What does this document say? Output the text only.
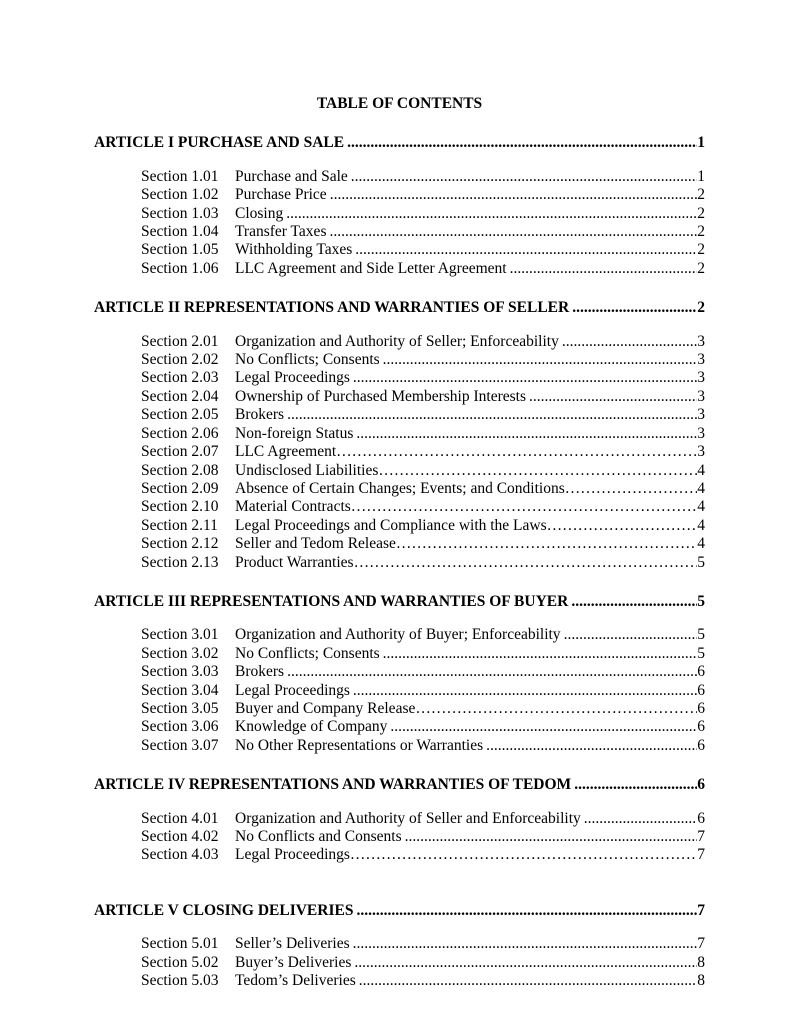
TABLE OF CONTENTS
ARTICLE I PURCHASE AND SALE .....	1
Section 1.01	Purchase and Sale .....	1
Section 1.02	Purchase Price .....	2
Section 1.03	Closing .....	2
Section 1.04	Transfer Taxes .....	2
Section 1.05	Withholding Taxes .....	2
Section 1.06	LLC Agreement and Side Letter Agreement .....	2
ARTICLE II REPRESENTATIONS AND WARRANTIES OF SELLER .....	2
Section 2.01	Organization and Authority of Seller; Enforceability .....	3
Section 2.02	No Conflicts; Consents .....	3
Section 2.03	Legal Proceedings .....	3
Section 2.04	Ownership of Purchased Membership Interests .....	3
Section 2.05	Brokers .....	3
Section 2.06	Non-foreign Status .....	3
Section 2.07	LLC Agreement ……………………………………………………………………………………	3
Section 2.08	Undisclosed Liabilities ……………………………………………………………………………………	4
Section 2.09	Absence of Certain Changes; Events; and Conditions ……………………………………………………………………………………	4
Section 2.10	Material Contracts ……………………………………………………………………………………	4
Section 2.11	Legal Proceedings and Compliance with the Laws ……………………………………………………………………………………	4
Section 2.12	Seller and Tedom Release ……………………………………………………………………………………	4
Section 2.13	Product Warranties ……………………………………………………………………………………	5
ARTICLE III REPRESENTATIONS AND WARRANTIES OF BUYER .....	5
Section 3.01	Organization and Authority of Buyer; Enforceability .....	5
Section 3.02	No Conflicts; Consents .....	5
Section 3.03	Brokers .....	6
Section 3.04	Legal Proceedings .....	6
Section 3.05	Buyer and Company Release ……………………………………………………………………………………	6
Section 3.06	Knowledge of Company .....	6
Section 3.07	No Other Representations or Warranties .....	6
ARTICLE IV REPRESENTATIONS AND WARRANTIES OF TEDOM .....	6
Section 4.01	Organization and Authority of Seller and Enforceability .....	6
Section 4.02	No Conflicts and Consents .....	7
Section 4.03	Legal Proceedings ……………………………………………………………………………………	7
ARTICLE V CLOSING DELIVERIES .....	7
Section 5.01	Seller’s Deliveries .....	7
Section 5.02	Buyer’s Deliveries .....	8
Section 5.03	Tedom’s Deliveries .....	8
